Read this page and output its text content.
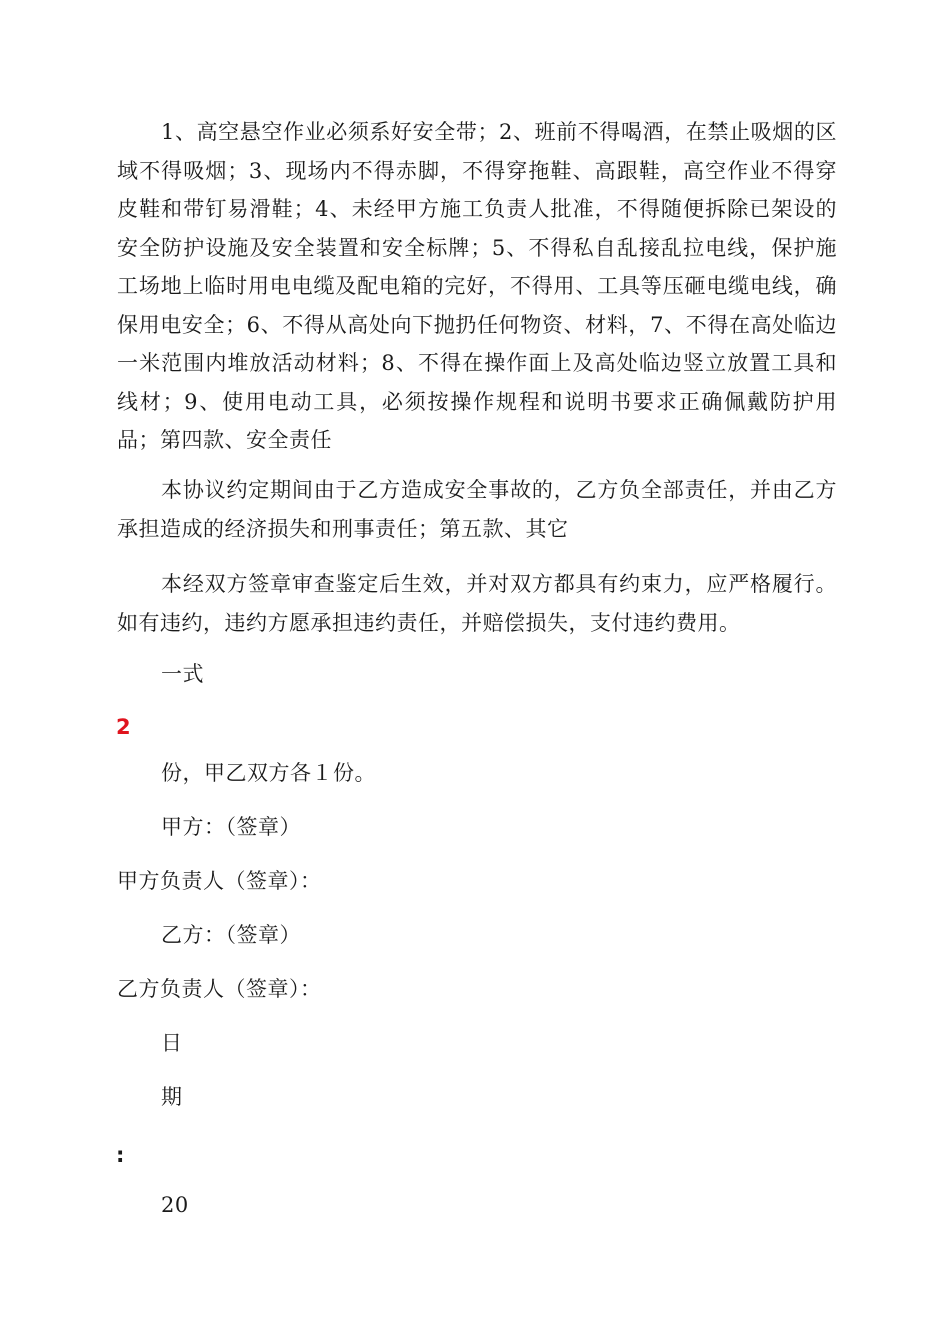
1、高空悬空作业必须系好安全带；2、班前不得喝酒，在禁止吸烟的区域不得吸烟；3、现场内不得赤脚，不得穿拖鞋、高跟鞋，高空作业不得穿皮鞋和带钉易滑鞋；4、未经甲方施工负责人批准，不得随便拆除已架设的安全防护设施及安全装置和安全标牌；5、不得私自乱接乱拉电线，保护施工场地上临时用电电缆及配电箱的完好，不得用、工具等压砸电缆电线，确保用电安全；6、不得从高处向下抛扔任何物资、材料，7、不得在高处临边一米范围内堆放活动材料；8、不得在操作面上及高处临边竖立放置工具和线材；9、使用电动工具，必须按操作规程和说明书要求正确佩戴防护用品；第四款、安全责任

本协议约定期间由于乙方造成安全事故的，乙方负全部责任，并由乙方承担造成的经济损失和刑事责任；第五款、其它

本经双方签章审查鉴定后生效，并对双方都具有约束力，应严格履行。如有违约，违约方愿承担违约责任，并赔偿损失，支付违约费用。

一式
2
份，甲乙双方各１份。
甲方：（签章）
甲方负责人（签章）：
乙方：（签章）
乙方负责人（签章）：
日
期
:
20
